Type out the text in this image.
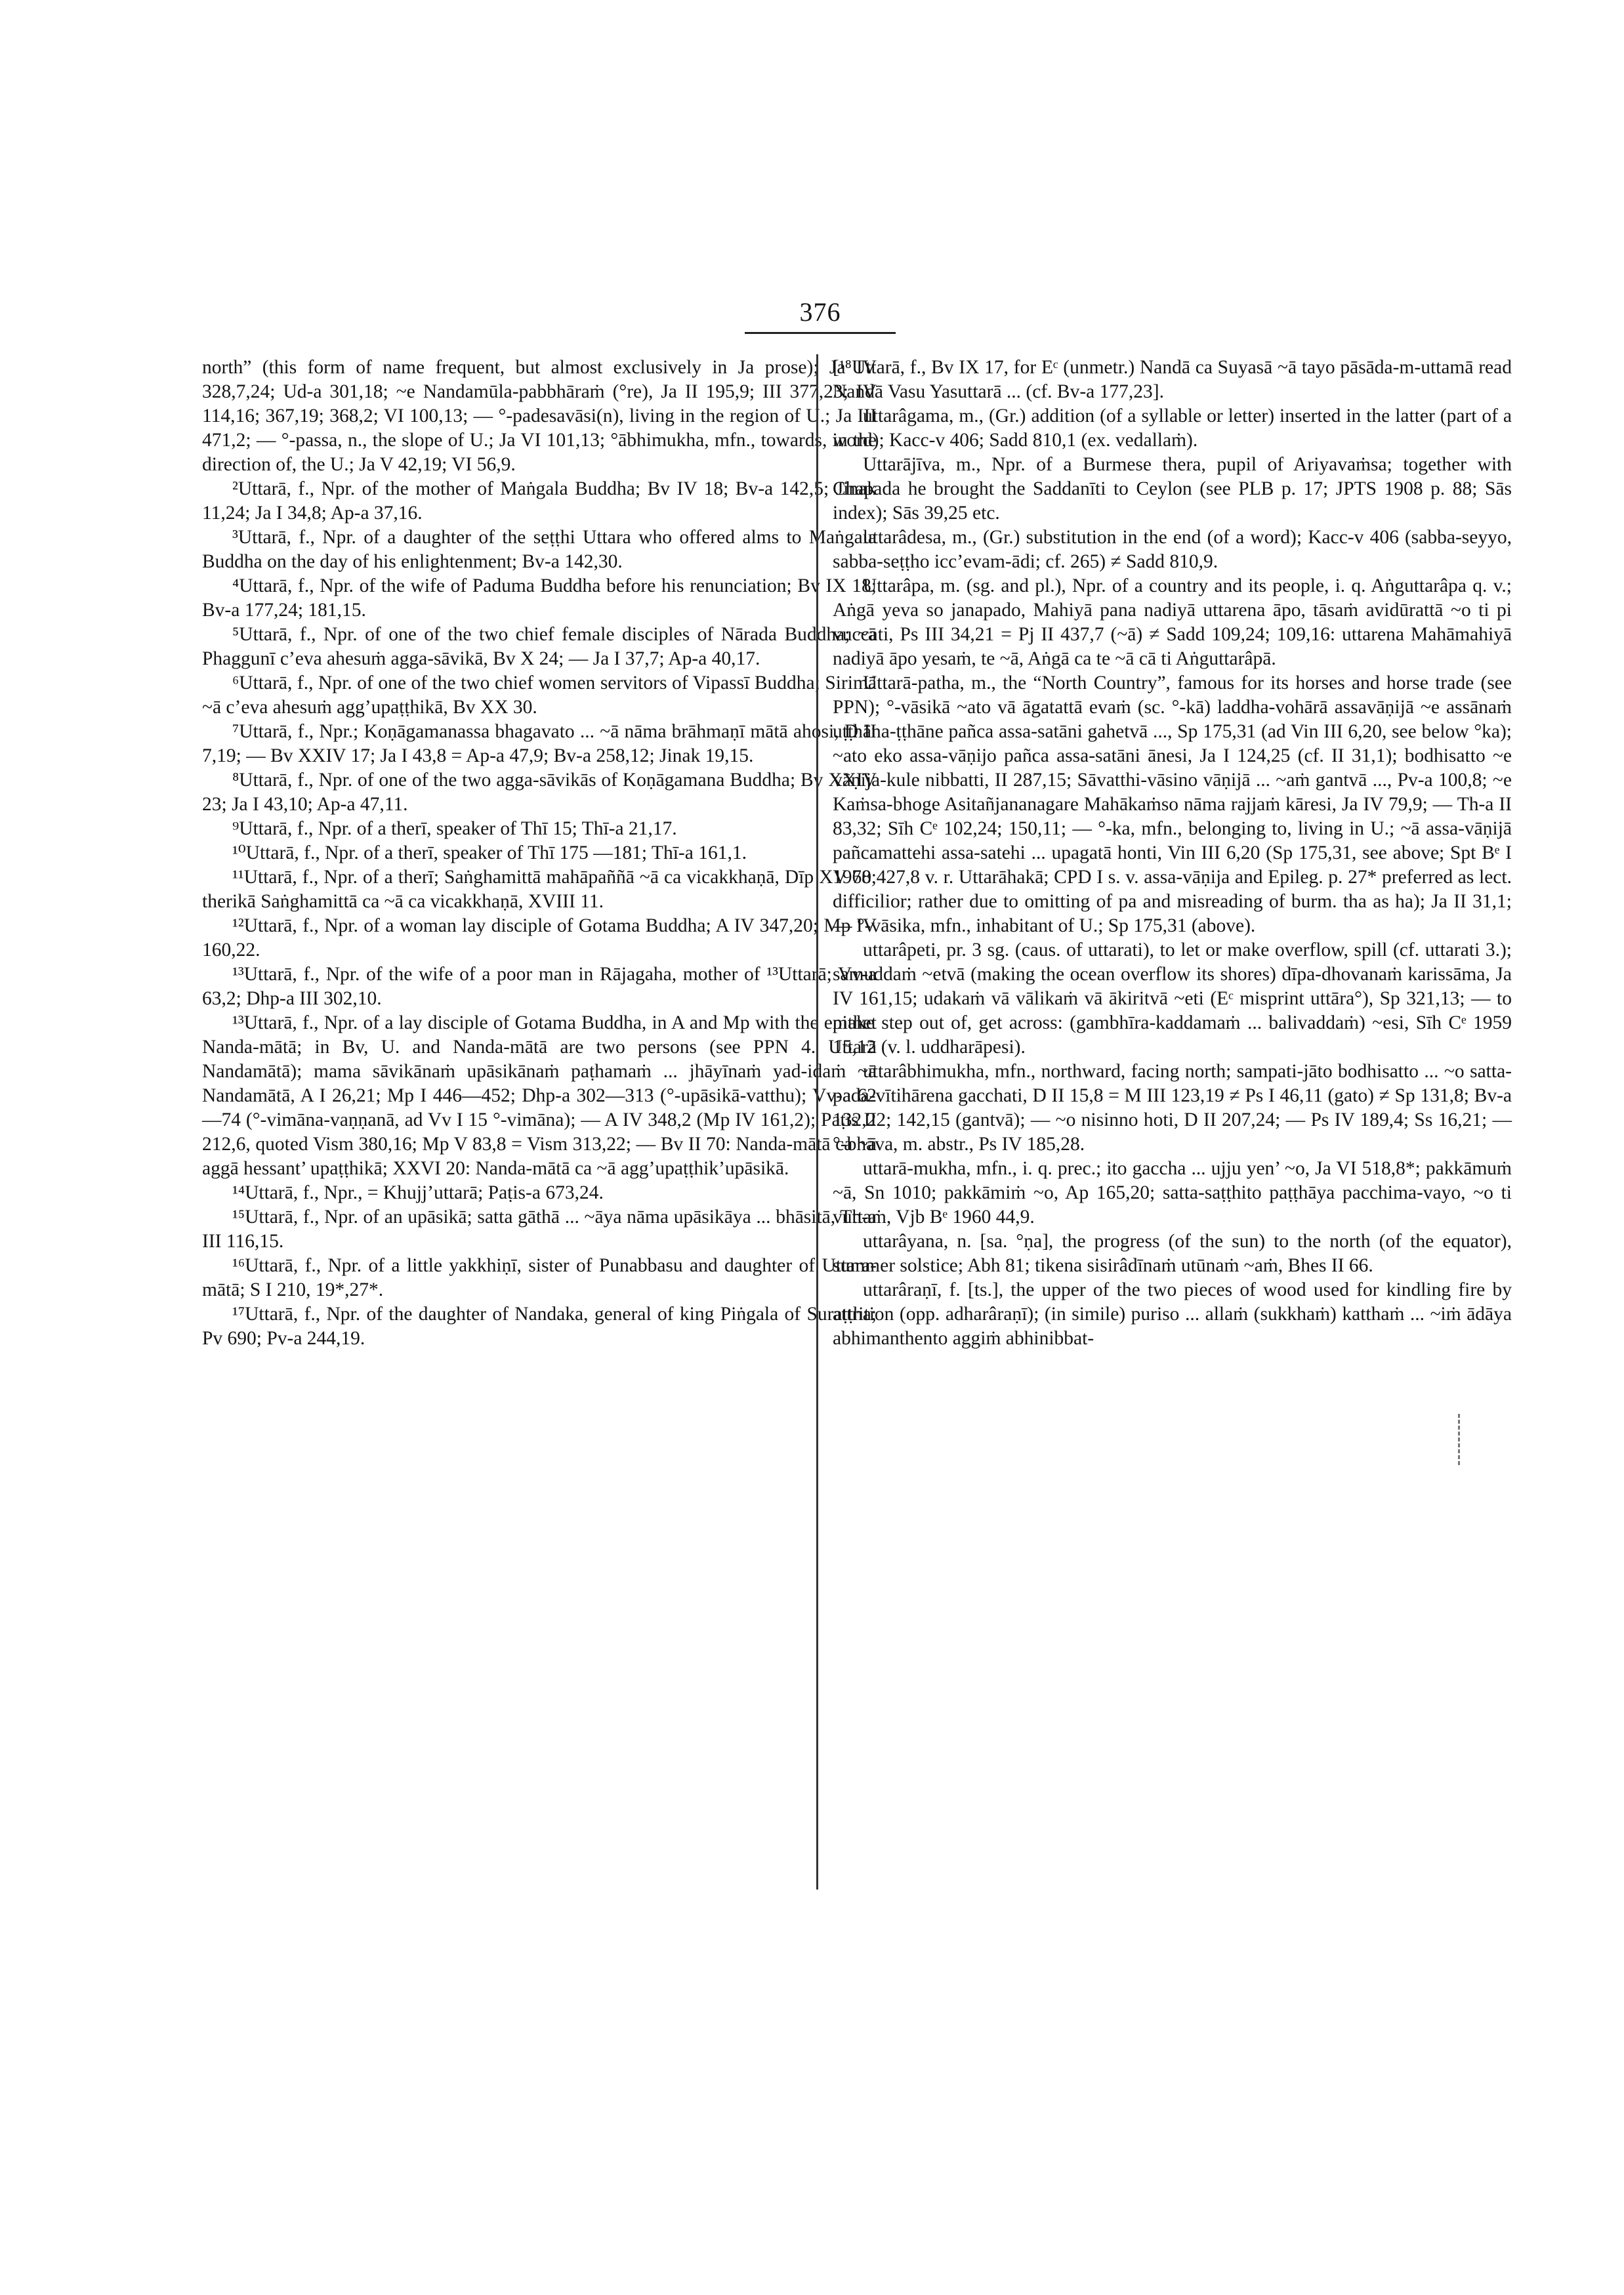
376

north” (this form of name frequent, but almost exclusively in Ja prose); Ja IV 328,7,24; Ud-a 301,18; ~e Nandamūla-pabbhāraṁ (°re), Ja II 195,9; III 377,23; IV 114,16; 367,19; 368,2; VI 100,13; — °-padesavāsi(n), living in the region of U.; Ja III 471,2; — °-passa, n., the slope of U.; Ja VI 101,13; °ābhimukha, mfn., towards, in the direction of, the U.; Ja V 42,19; VI 56,9.

²Uttarā, f., Npr. of the mother of Maṅgala Buddha; Bv IV 18; Bv-a 142,5; Jinak 11,24; Ja I 34,8; Ap-a 37,16.

³Uttarā, f., Npr. of a daughter of the seṭṭhi Uttara who offered alms to Maṅgala Buddha on the day of his enlightenment; Bv-a 142,30.

⁴Uttarā, f., Npr. of the wife of Paduma Buddha before his renunciation; Bv IX 18; Bv-a 177,24; 181,15.

⁵Uttarā, f., Npr. of one of the two chief female disciples of Nārada Buddha; ~ā Phaggunī c’eva ahesuṁ agga-sāvikā, Bv X 24; — Ja I 37,7; Ap-a 40,17.

⁶Uttarā, f., Npr. of one of the two chief women servitors of Vipassī Buddha; Sirimā ~ā c’eva ahesuṁ agg’upaṭṭhikā, Bv XX 30.

⁷Uttarā, f., Npr.; Koṇāgamanassa bhagavato ... ~ā nāma brāhmaṇī mātā ahosi, D II 7,19; — Bv XXIV 17; Ja I 43,8 = Ap-a 47,9; Bv-a 258,12; Jinak 19,15.

⁸Uttarā, f., Npr. of one of the two agga-sāvikās of Koṇāgamana Buddha; Bv XXIV 23; Ja I 43,10; Ap-a 47,11.

⁹Uttarā, f., Npr. of a therī, speaker of Thī 15; Thī-a 21,17.

¹⁰Uttarā, f., Npr. of a therī, speaker of Thī 175 —181; Thī-a 161,1.

¹¹Uttarā, f., Npr. of a therī; Saṅghamittā mahāpaññā ~ā ca vicakkhaṇā, Dīp XV 78; therikā Saṅghamittā ca ~ā ca vicakkhaṇā, XVIII 11.

¹²Uttarā, f., Npr. of a woman lay disciple of Gotama Buddha; A IV 347,20; Mp IV 160,22.

¹³Uttarā, f., Npr. of the wife of a poor man in Rājagaha, mother of ¹³Uttarā; Vv-a 63,2; Dhp-a III 302,10.

¹³Uttarā, f., Npr. of a lay disciple of Gotama Buddha, in A and Mp with the epithet Nanda-mātā; in Bv, U. and Nanda-mātā are two persons (see PPN 4. Uttarā Nandamātā); mama sāvikānaṁ upāsikānaṁ paṭhamaṁ ... jhāyīnaṁ yad-idaṁ ~ā Nandamātā, A I 26,21; Mp I 446—452; Dhp-a 302—313 (°-upāsikā-vatthu); Vv-a 62—74 (°-vimāna-vaṇṇanā, ad Vv I 15 °-vimāna); — A IV 348,2 (Mp IV 161,2); Paṭis II 212,6, quoted Vism 380,16; Mp V 83,8 = Vism 313,22; — Bv II 70: Nanda-mātā ca ~ā aggā hessant’ upaṭṭhikā; XXVI 20: Nanda-mātā ca ~ā agg’upaṭṭhik’upāsikā.

¹⁴Uttarā, f., Npr., = Khujj’uttarā; Paṭis-a 673,24.

¹⁵Uttarā, f., Npr. of an upāsikā; satta gāthā ... ~āya nāma upāsikāya ... bhāsitā, Th-a III 116,15.

¹⁶Uttarā, f., Npr. of a little yakkhiṇī, sister of Punabbasu and daughter of Uttara-mātā; S I 210, 19*,27*.

¹⁷Uttarā, f., Npr. of the daughter of Nandaka, general of king Piṅgala of Suraṭṭha; Pv 690; Pv-a 244,19.

[¹⁸Uttarā, f., Bv IX 17, for Eᶜ (unmetr.) Nandā ca Suyasā ~ā tayo pāsāda-m-uttamā read Nandā Vasu Yasuttarā ... (cf. Bv-a 177,23].

uttarâgama, m., (Gr.) addition (of a syllable or letter) inserted in the latter (part of a word); Kacc-v 406; Sadd 810,1 (ex. vedallaṁ).

Uttarājīva, m., Npr. of a Burmese thera, pupil of Ariyavaṁsa; together with Chapada he brought the Saddanīti to Ceylon (see PLB p. 17; JPTS 1908 p. 88; Sās index); Sās 39,25 etc.

uttarâdesa, m., (Gr.) substitution in the end (of a word); Kacc-v 406 (sabba-seyyo, sabba-seṭṭho icc’evam-ādi; cf. 265) ≠ Sadd 810,9.

Uttarâpa, m. (sg. and pl.), Npr. of a country and its people, i. q. Aṅguttarâpa q. v.; Aṅgā yeva so janapado, Mahiyā pana nadiyā uttarena āpo, tāsaṁ avidūrattā ~o ti pi vuccati, Ps III 34,21 = Pj II 437,7 (~ā) ≠ Sadd 109,24; 109,16: uttarena Mahāmahiyā nadiyā āpo yesaṁ, te ~ā, Aṅgā ca te ~ā cā ti Aṅguttarâpā.

Uttarā-patha, m., the “North Country”, famous for its horses and horse trade (see PPN); °-vāsikā ~ato vā āgatattā evaṁ (sc. °-kā) laddha-vohārā assavāṇijā ~e assānaṁ uṭṭhāna-ṭṭhāne pañca assa-satāni gahetvā ..., Sp 175,31 (ad Vin III 6,20, see below °ka); ~ato eko assa-vāṇijo pañca assa-satāni ānesi, Ja I 124,25 (cf. II 31,1); bodhisatto ~e vāṇija-kule nibbatti, II 287,15; Sāvatthi-vāsino vāṇijā ... ~aṁ gantvā ..., Pv-a 100,8; ~e Kaṁsa-bhoge Asitañjananagare Mahākaṁso nāma rajjaṁ kāresi, Ja IV 79,9; — Th-a II 83,32; Sīh Cᵉ 102,24; 150,11; — °-ka, mfn., belonging to, living in U.; ~ā assa-vāṇijā pañcamattehi assa-satehi ... upagatā honti, Vin III 6,20 (Sp 175,31, see above; Spt Bᵉ I 1960 427,8 v. r. Uttarāhakā; CPD I s. v. assa-vāṇija and Epileg. p. 27* preferred as lect. difficilior; rather due to omitting of pa and misreading of burm. tha as ha); Ja II 31,1; — °-vāsika, mfn., inhabitant of U.; Sp 175,31 (above).

uttarâpeti, pr. 3 sg. (caus. of uttarati), to let or make overflow, spill (cf. uttarati 3.); samuddaṁ ~etvā (making the ocean overflow its shores) dīpa-dhovanaṁ karissāma, Ja IV 161,15; udakaṁ vā vālikaṁ vā ākiritvā ~eti (Eᶜ misprint uttāra°), Sp 321,13; — to make step out of, get across: (gambhīra-kaddamaṁ ... balivaddaṁ) ~esi, Sīh Cᵉ 1959 15,12 (v. l. uddharāpesi).

uttarâbhimukha, mfn., northward, facing north; sampati-jāto bodhisatto ... ~o satta-pada-vītihārena gacchati, D II 15,8 = M III 123,19 ≠ Ps I 46,11 (gato) ≠ Sp 131,8; Bv-a 132,22; 142,15 (gantvā); — ~o nisinno hoti, D II 207,24; — Ps IV 189,4; Ss 16,21; — °-bhāva, m. abstr., Ps IV 185,28.

uttarā-mukha, mfn., i. q. prec.; ito gaccha ... ujju yen’ ~o, Ja VI 518,8*; pakkāmuṁ ~ā, Sn 1010; pakkāmiṁ ~o, Ap 165,20; satta-saṭṭhito paṭṭhāya pacchima-vayo, ~o ti vuttaṁ, Vjb Bᵉ 1960 44,9.

uttarâyana, n. [sa. °ṇa], the progress (of the sun) to the north (of the equator), summer solstice; Abh 81; tikena sisirâdīnaṁ utūnaṁ ~aṁ, Bhes II 66.

uttarâraṇī, f. [ts.], the upper of the two pieces of wood used for kindling fire by attrition (opp. adharâraṇī); (in simile) puriso ... allaṁ (sukkhaṁ) katthaṁ ... ~iṁ ādāya abhimanthento aggiṁ abhinibbat-
